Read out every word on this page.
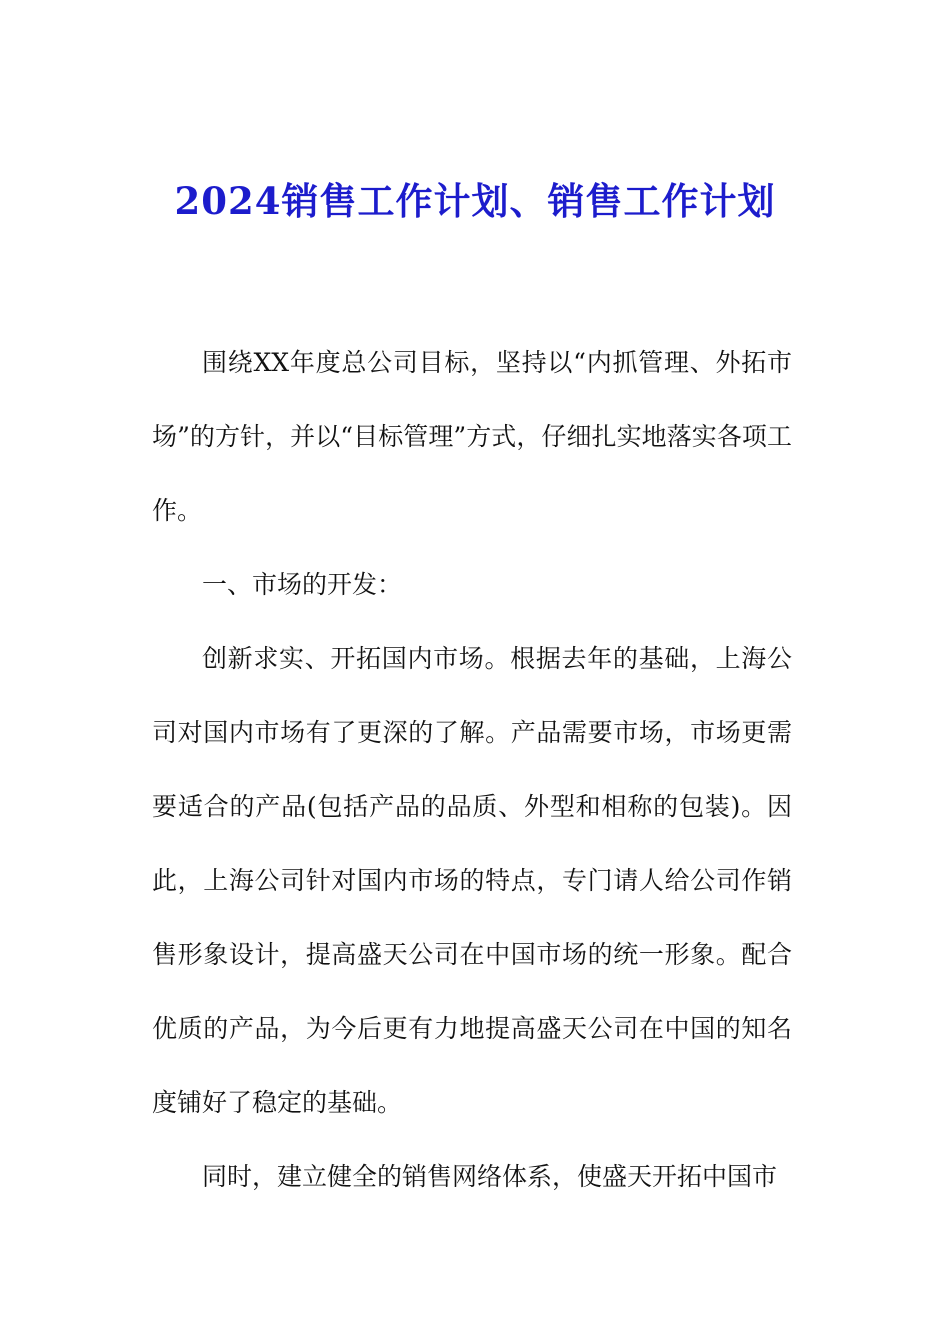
2024销售工作计划、销售工作计划

围绕XX年度总公司目标，坚持以“内抓管理、外拓市场”的方针，并以“目标管理”方式，仔细扎实地落实各项工作。

一、市场的开发：

创新求实、开拓国内市场。根据去年的基础，上海公司对国内市场有了更深的了解。产品需要市场，市场更需要适合的产品(包括产品的品质、外型和相称的包装)。因此，上海公司针对国内市场的特点，专门请人给公司作销售形象设计，提高盛天公司在中国市场的统一形象。配合优质的产品，为今后更有力地提高盛天公司在中国的知名度铺好了稳定的基础。

同时，建立健全的销售网络体系，使盛天开拓中国市
